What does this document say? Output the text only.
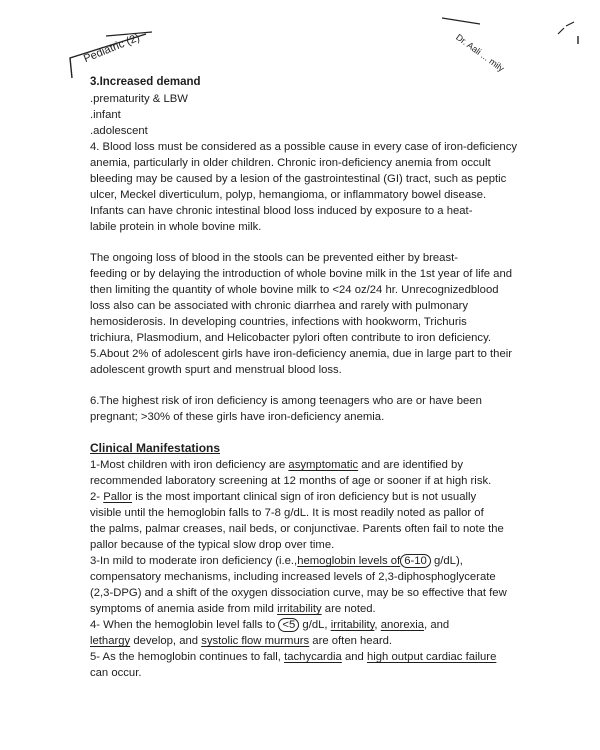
Pediatric (2)	Dr. Aali ... mily

3.Increased demand

.prematurity & LBW

.infant

.adolescent

4. Blood loss must be considered as a possible cause in every case of iron-deficiency

anemia, particularly in older children. Chronic iron-deficiency anemia from occult

bleeding may be caused by a lesion of the gastrointestinal (GI) tract, such as peptic

ulcer, Meckel diverticulum, polyp, hemangioma, or inflammatory bowel disease.

Infants can have chronic intestinal blood loss induced by exposure to a heat-

labile protein in whole bovine milk.

The ongoing loss of blood in the stools can be prevented either by breast-

feeding or by delaying the introduction of whole bovine milk in the 1st year of life and

then limiting the quantity of whole bovine milk to <24 oz/24 hr. Unrecognizedblood

loss also can be associated with chronic diarrhea and rarely with pulmonary

hemosiderosis. In developing countries, infections with hookworm, Trichuris

trichiura, Plasmodium, and Helicobacter pylori often contribute to iron deficiency.

5.About 2% of adolescent girls have iron-deficiency anemia, due in large part to their

adolescent growth spurt and menstrual blood loss.

6.The highest risk of iron deficiency is among teenagers who are or have been

pregnant; >30% of these girls have iron-deficiency anemia.

Clinical Manifestations

1-Most children with iron deficiency are asymptomatic and are identified by

recommended laboratory screening at 12 months of age or sooner if at high risk.

2- Pallor is the most important clinical sign of iron deficiency but is not usually

visible until the hemoglobin falls to 7-8 g/dL. It is most readily noted as pallor of

the palms, palmar creases, nail beds, or conjunctivae. Parents often fail to note the

pallor because of the typical slow drop over time.

3-In mild to moderate iron deficiency (i.e.,hemoglobin levels of 6-10 g/dL),

compensatory mechanisms, including increased levels of 2,3-diphosphoglycerate

(2,3-DPG) and a shift of the oxygen dissociation curve, may be so effective that few

symptoms of anemia aside from mild irritability are noted.

4- When the hemoglobin level falls to <5 g/dL, irritability, anorexia, and

lethargy develop, and systolic flow murmurs are often heard.

5- As the hemoglobin continues to fall, tachycardia and high output cardiac failure

can occur.
